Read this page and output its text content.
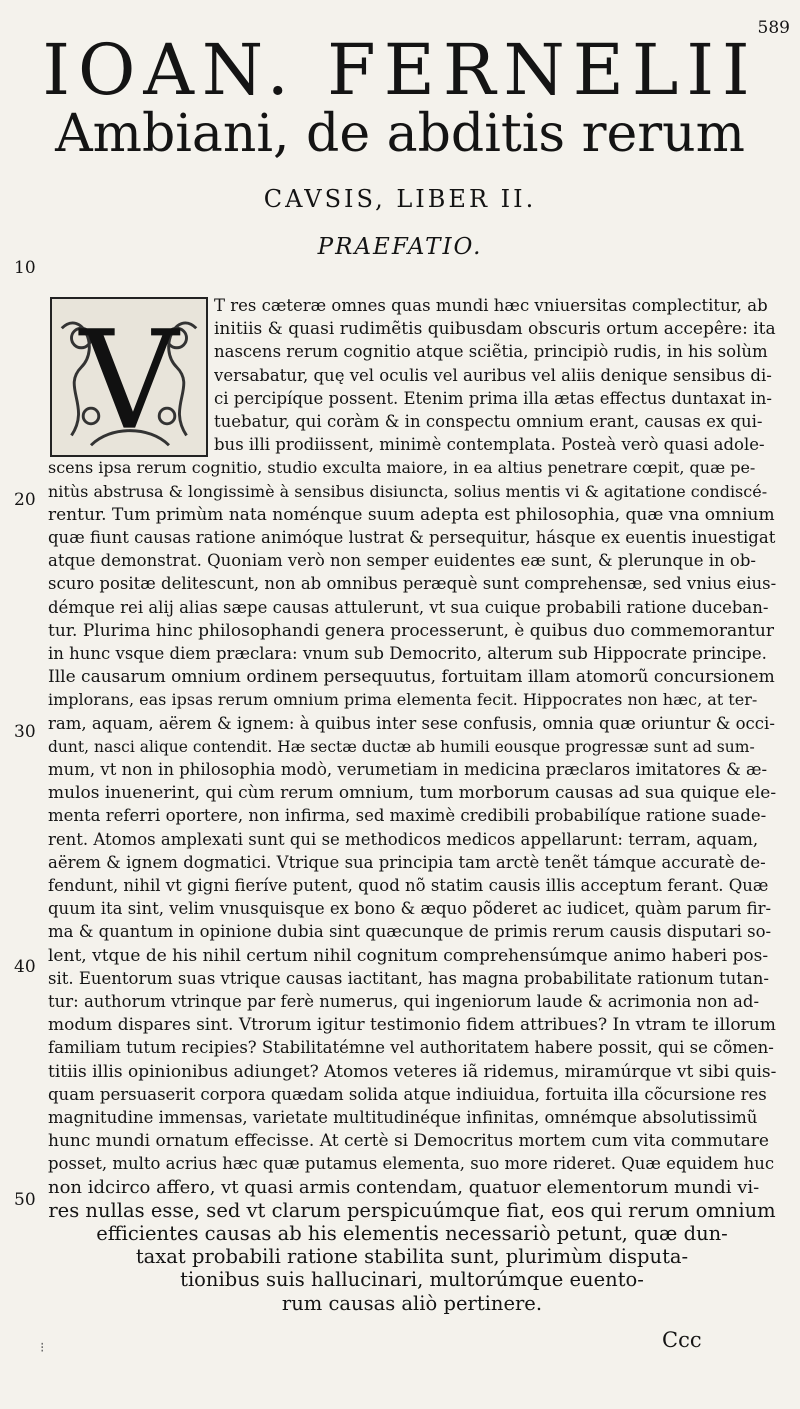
589
IOAN. FERNELII
Ambiani, de abditis rerum
CAVSIS, LIBER II.
PRAEFATIO.
10
20
30
40
50
V T res cæteræ omnes quas mundi hæc vniuersitas complectitur, ab
initiis & quasi rudimẽtis quibusdam obscuris ortum accepêre: ita
nascens rerum cognitio atque sciẽtia, principiò rudis, in his solùm
versabatur, quę vel oculis vel auribus vel aliis denique sensibus di-
ci percipíque possent. Etenim prima illa ætas effectus duntaxat in-
tuebatur, qui coràm & in conspectu omnium erant, causas ex qui-
bus illi prodiissent, minimè contemplata. Posteà verò quasi adole-
scens ipsa rerum cognitio, studio exculta maiore, in ea altius penetrare cœpit, quæ pe-
nitùs abstrusa & longissimè à sensibus disiuncta, solius mentis vi & agitatione condiscé-
rentur. Tum primùm nata noménque suum adepta est philosophia, quæ vna omnium
quæ fiunt causas ratione animóque lustrat & persequitur, hásque ex euentis inuestigat
atque demonstrat. Quoniam verò non semper euidentes eæ sunt, & plerunque in ob-
scuro positæ delitescunt, non ab omnibus peræquè sunt comprehensæ, sed vnius eius-
démque rei alij alias sæpe causas attulerunt, vt sua cuique probabili ratione duceban-
tur. Plurima hinc philosophandi genera processerunt, è quibus duo commemorantur
in hunc vsque diem præclara: vnum sub Democrito, alterum sub Hippocrate principe.
Ille causarum omnium ordinem persequutus, fortuitam illam atomorũ concursionem
implorans, eas ipsas rerum omnium prima elementa fecit. Hippocrates non hæc, at ter-
ram, aquam, aërem & ignem: à quibus inter sese confusis, omnia quæ oriuntur & occi-
dunt, nasci alique contendit. Hæ sectæ ductæ ab humili eousque progressæ sunt ad sum-
mum, vt non in philosophia modò, verumetiam in medicina præclaros imitatores & æ-
mulos inuenerint, qui cùm rerum omnium, tum morborum causas ad sua quique ele-
menta referri oportere, non infirma, sed maximè credibili probabilíque ratione suade-
rent. Atomos amplexati sunt qui se methodicos medicos appellarunt: terram, aquam,
aërem & ignem dogmatici. Vtrique sua principia tam arctè tenẽt támque accuratè de-
fendunt, nihil vt gigni fieríve putent, quod nõ statim causis illis acceptum ferant. Quæ
quum ita sint, velim vnusquisque ex bono & æquo põderet ac iudicet, quàm parum fir-
ma & quantum in opinione dubia sint quæcunque de primis rerum causis disputari so-
lent, vtque de his nihil certum nihil cognitum comprehensúmque animo haberi pos-
sit. Euentorum suas vtrique causas iactitant, has magna probabilitate rationum tutan-
tur: authorum vtrinque par ferè numerus, qui ingeniorum laude & acrimonia non ad-
modum dispares sint. Vtrorum igitur testimonio fidem attribues? In vtram te illorum
familiam tutum recipies? Stabilitatémne vel authoritatem habere possit, qui se cõmen-
titiis illis opinionibus adiunget? Atomos veteres iã ridemus, miramúrque vt sibi quis-
quam persuaserit corpora quædam solida atque indiuidua, fortuita illa cõcursione res
magnitudine immensas, varietate multitudinéque infinitas, omnémque absolutissimũ
hunc mundi ornatum effecisse. At certè si Democritus mortem cum vita commutare
posset, multo acrius hæc quæ putamus elementa, suo more rideret. Quæ equidem huc
non idcirco affero, vt quasi armis contendam, quatuor elementorum mundi vi-
res nullas esse, sed vt clarum perspicuúmque fiat, eos qui rerum omnium
efficientes causas ab his elementis necessariò petunt, quæ dun-
taxat probabili ratione stabilita sunt, plurimùm disputa-
tionibus suis hallucinari, multorúmque euento-
rum causas aliò pertinere.
⁝	Ccc
